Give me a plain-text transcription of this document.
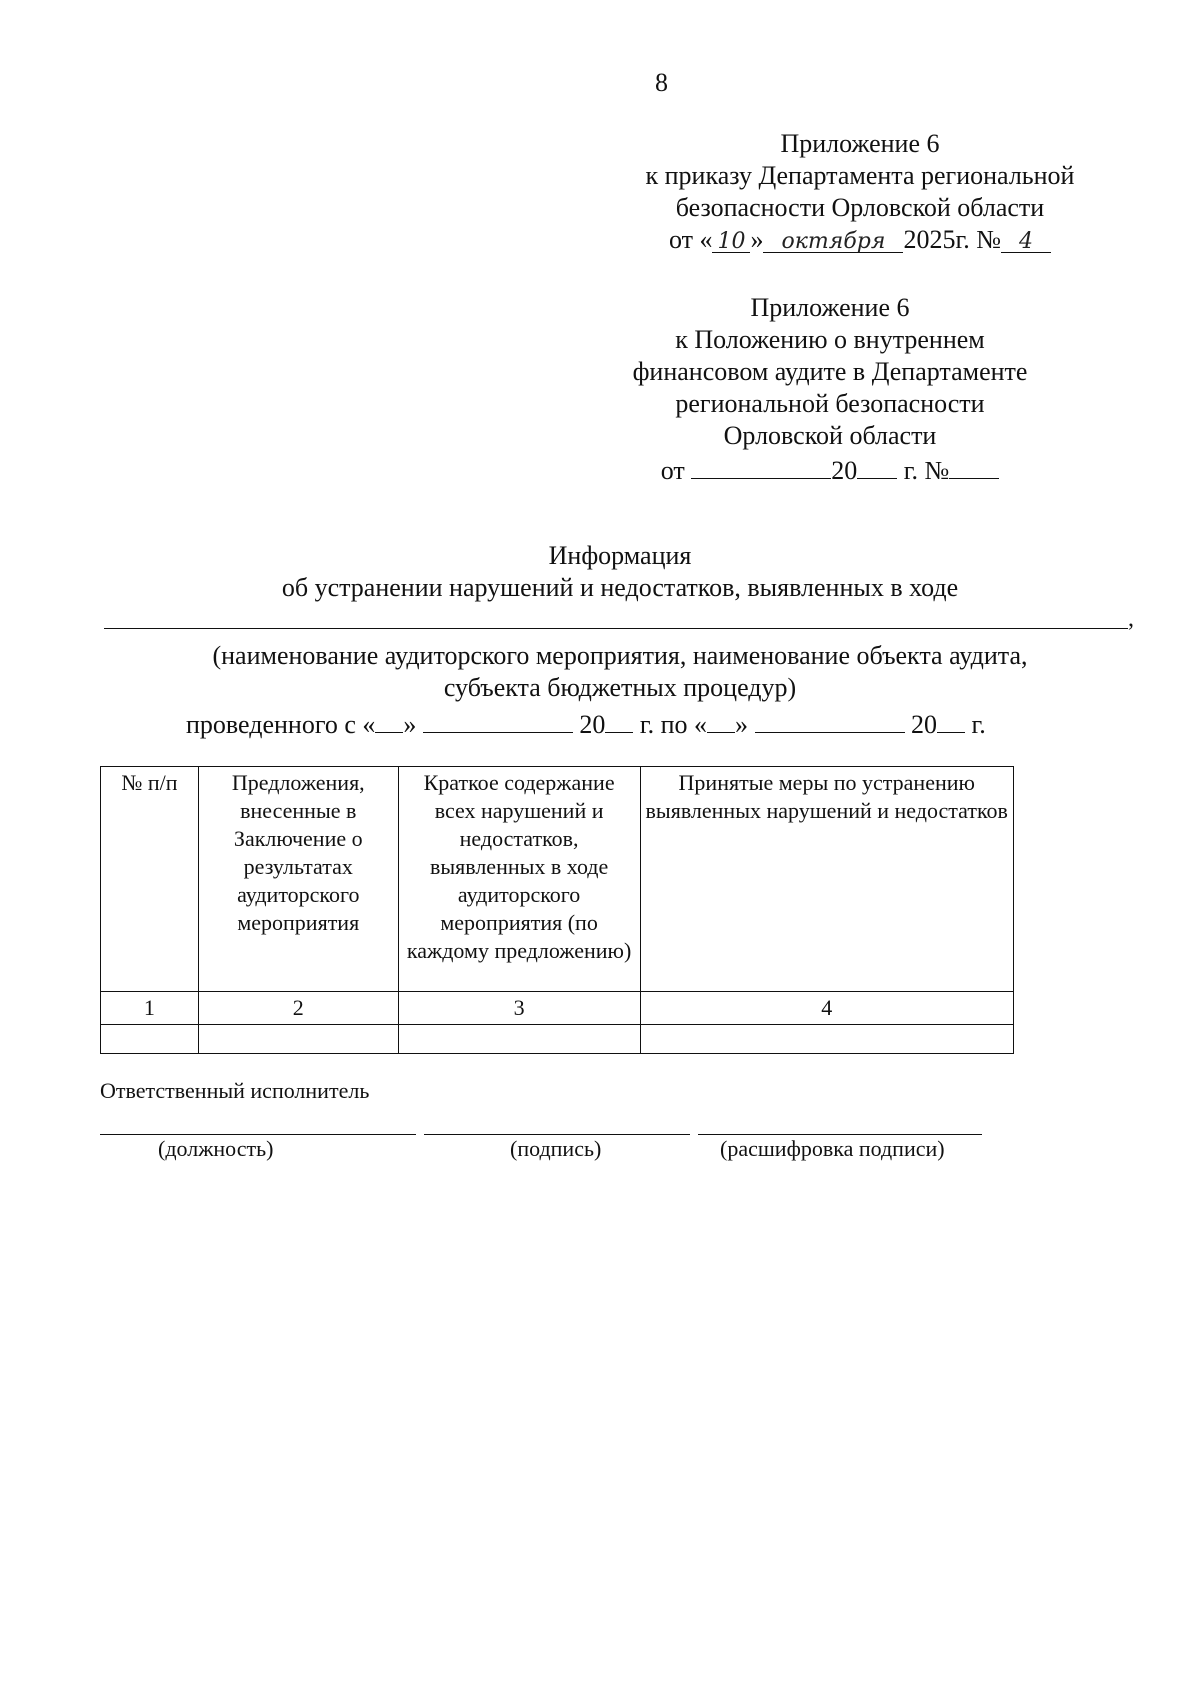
8
Приложение 6
к приказу Департамента региональной
безопасности Орловской области
от « 10 » октября 2025г. № 4
Приложение 6
к Положению о внутреннем
финансовом аудите в Департаменте
региональной безопасности
Орловской области
от	20 г. №
Информация
об устранении нарушений и недостатков, выявленных в ходе
,
(наименование аудиторского мероприятия, наименование объекта аудита,
субъекта бюджетных процедур)
проведенного с « »	20 г. по « »	20 г.
№ п/п	Предложения, внесенные в Заключение о результатах аудиторского мероприятия	Краткое содержание всех нарушений и недостатков, выявленных в ходе аудиторского мероприятия (по каждому предложению)	Принятые меры по устранению выявленных нарушений и недостатков
1	2	3	4

Ответственный исполнитель
(должность)	(подпись)	(расшифровка подписи)
